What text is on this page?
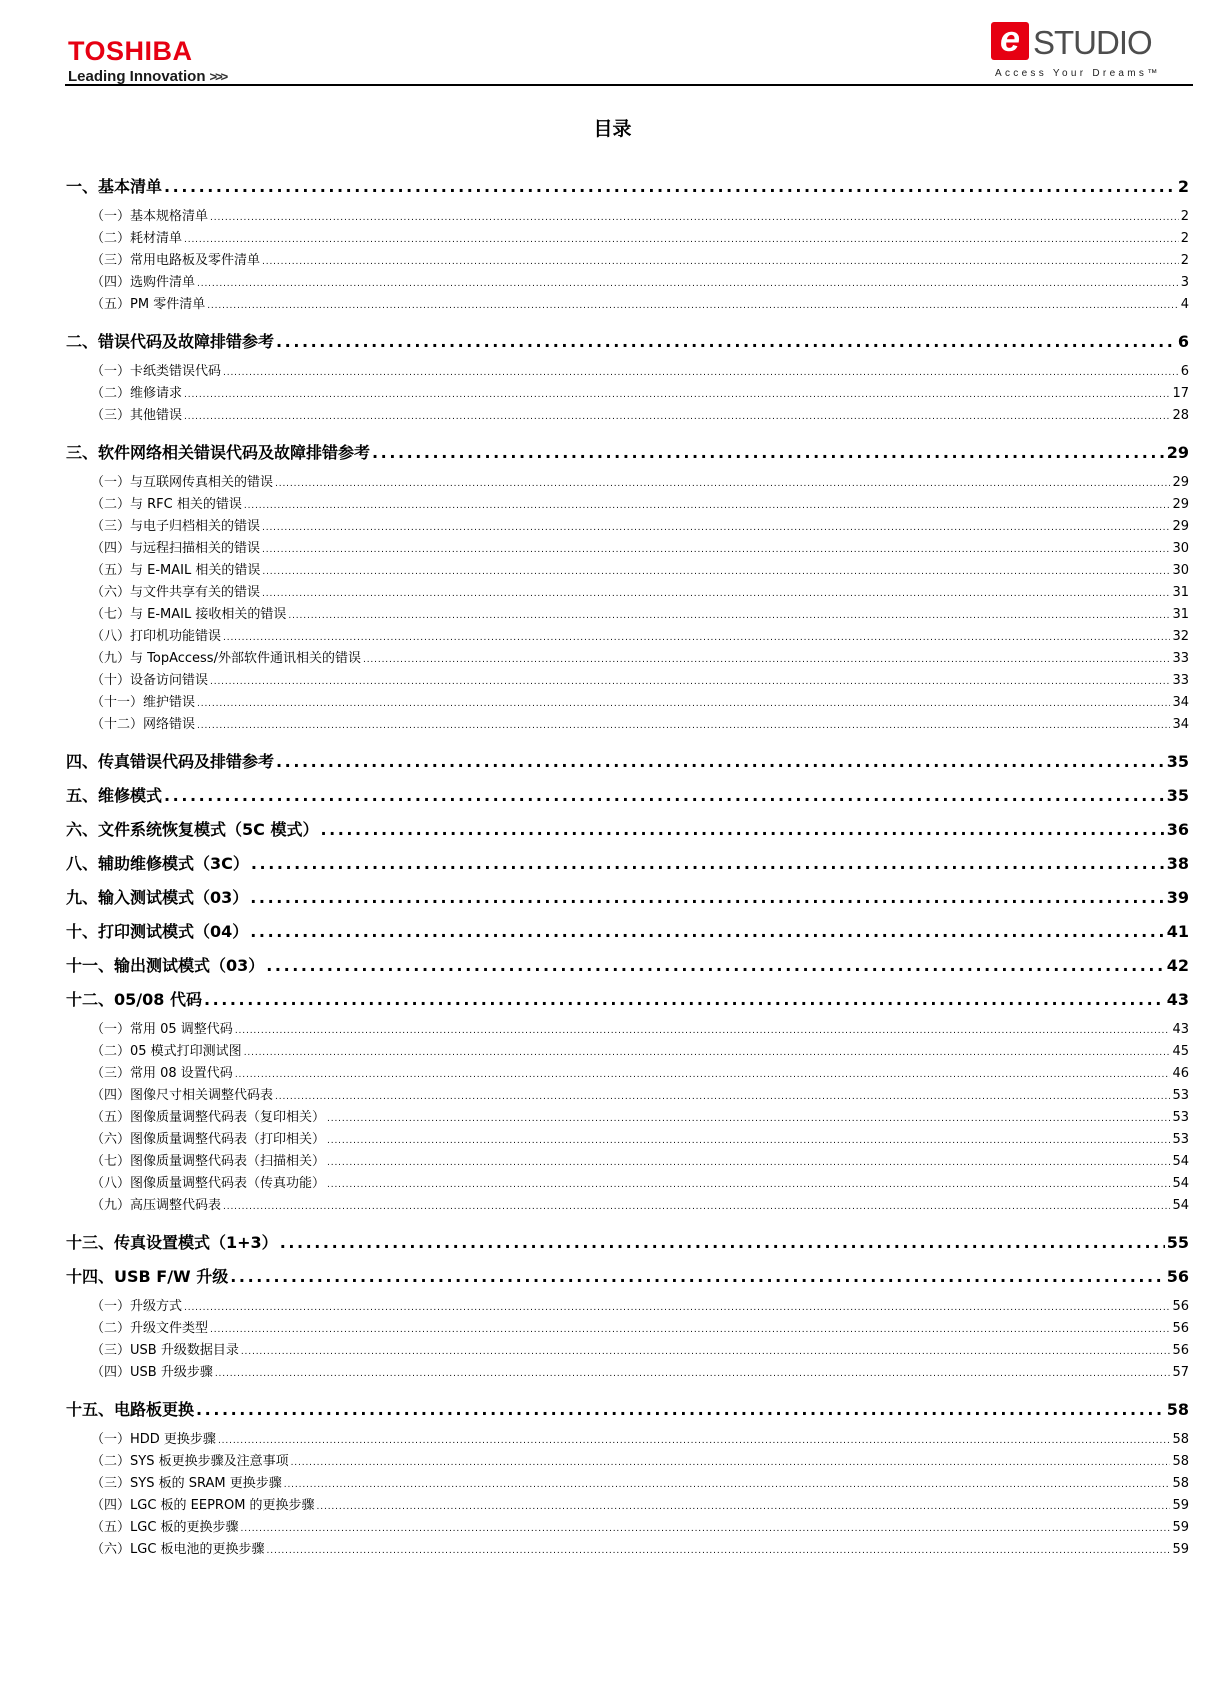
TOSHIBA
Leading Innovation >>>
e STUDIO
Access Your Dreams™
目录
一、基本清单 . . .	2
（一）基本规格清单 . . .	2
（二）耗材清单 . . .	2
（三）常用电路板及零件清单 . . .	2
（四）选购件清单 . . .	3
（五）PM 零件清单 . . .	4
二、错误代码及故障排错参考 . . .	6
（一）卡纸类错误代码 . . .	6
（二）维修请求 . . .	17
（三）其他错误 . . .	28
三、软件网络相关错误代码及故障排错参考 . . .	29
（一）与互联网传真相关的错误 . . .	29
（二）与 RFC 相关的错误 . . .	29
（三）与电子归档相关的错误 . . .	29
（四）与远程扫描相关的错误 . . .	30
（五）与 E-MAIL 相关的错误 . . .	30
（六）与文件共享有关的错误 . . .	31
（七）与 E-MAIL 接收相关的错误 . . .	31
（八）打印机功能错误 . . .	32
（九）与 TopAccess/外部软件通讯相关的错误 . . .	33
（十）设备访问错误 . . .	33
（十一）维护错误 . . .	34
（十二）网络错误 . . .	34
四、传真错误代码及排错参考 . . .	35
五、维修模式 . . .	35
六、文件系统恢复模式（5C 模式） . . .	36
八、辅助维修模式（3C） . . .	38
九、输入测试模式（03） . . .	39
十、打印测试模式（04） . . .	41
十一、输出测试模式（03） . . .	42
十二、05/08 代码 . . .	43
（一）常用 05 调整代码 . . .	43
（二）05 模式打印测试图 . . .	45
（三）常用 08 设置代码 . . .	46
（四）图像尺寸相关调整代码表 . . .	53
（五）图像质量调整代码表（复印相关） . . .	53
（六）图像质量调整代码表（打印相关） . . .	53
（七）图像质量调整代码表（扫描相关） . . .	54
（八）图像质量调整代码表（传真功能） . . .	54
（九）高压调整代码表 . . .	54
十三、传真设置模式（1+3） . . .	55
十四、USB F/W 升级 . . .	56
（一）升级方式 . . .	56
（二）升级文件类型 . . .	56
（三）USB 升级数据目录 . . .	56
（四）USB 升级步骤 . . .	57
十五、电路板更换 . . .	58
（一）HDD 更换步骤 . . .	58
（二）SYS 板更换步骤及注意事项 . . .	58
（三）SYS 板的 SRAM 更换步骤 . . .	58
（四）LGC 板的 EEPROM 的更换步骤 . . .	59
（五）LGC 板的更换步骤 . . .	59
（六）LGC 板电池的更换步骤 . . .	59
